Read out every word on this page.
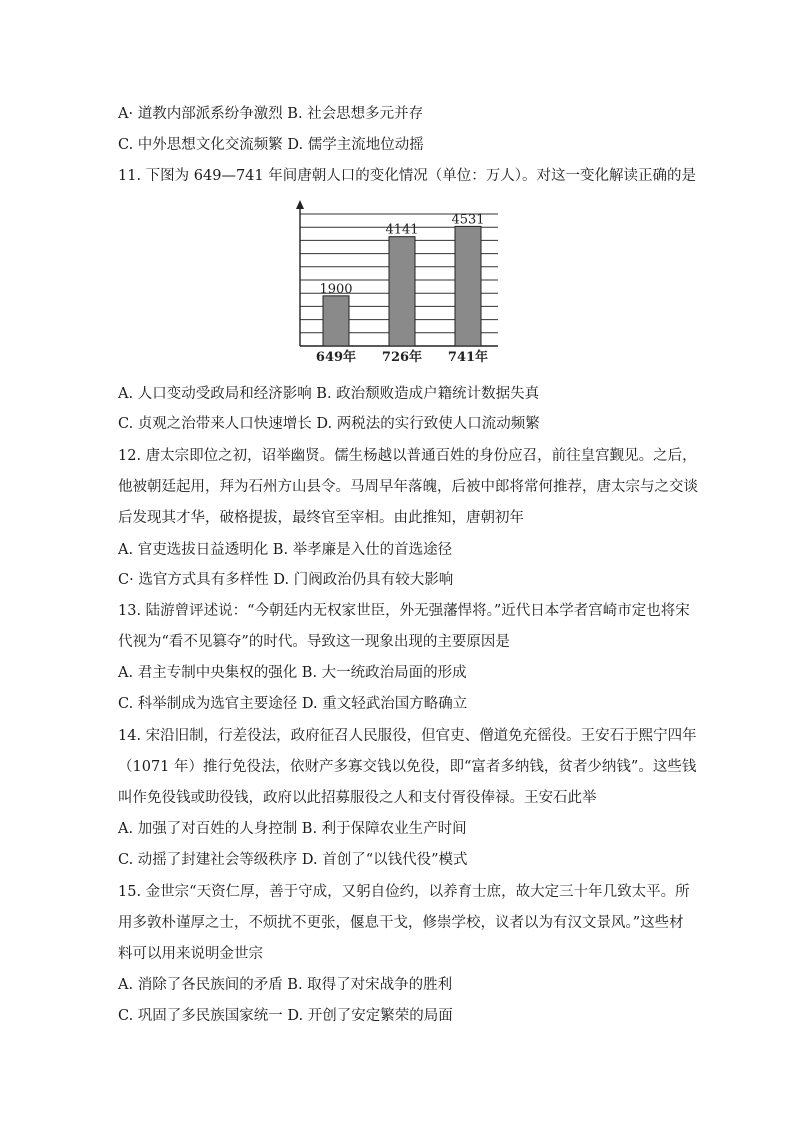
A· 道教内部派系纷争激烈 B. 社会思想多元并存
C. 中外思想文化交流频繁 D. 儒学主流地位动摇
11. 下图为 649—741 年间唐朝人口的变化情况（单位：万人）。对这一变化解读正确的是
1900
649年
4141
726年
4531
741年
A. 人口变动受政局和经济影响 B. 政治颓败造成户籍统计数据失真
C. 贞观之治带来人口快速增长 D. 两税法的实行致使人口流动频繁
12. 唐太宗即位之初，诏举幽贤。儒生杨越以普通百姓的身份应召，前往皇宫觐见。之后，
他被朝廷起用，拜为石州方山县令。马周早年落魄，后被中郎将常何推荐，唐太宗与之交谈
后发现其才华，破格提拔，最终官至宰相。由此推知，唐朝初年
A. 官吏选拔日益透明化 B. 举孝廉是入仕的首选途径
C· 选官方式具有多样性 D. 门阀政治仍具有较大影响
13. 陆游曾评述说：“今朝廷内无权家世臣，外无强藩悍将。”近代日本学者宫崎市定也将宋
代视为“看不见篡夺”的时代。导致这一现象出现的主要原因是
A. 君主专制中央集权的强化 B. 大一统政治局面的形成
C. 科举制成为选官主要途径 D. 重文轻武治国方略确立
14. 宋沿旧制，行差役法，政府征召人民服役，但官吏、僧道免充徭役。王安石于熙宁四年
（1071 年）推行免役法，依财产多寡交钱以免役，即“富者多纳钱，贫者少纳钱”。这些钱
叫作免役钱或助役钱，政府以此招募服役之人和支付胥役俸禄。王安石此举
A. 加强了对百姓的人身控制 B. 利于保障农业生产时间
C. 动摇了封建社会等级秩序 D. 首创了“以钱代役”模式
15. 金世宗“天资仁厚，善于守成，又躬自俭约，以养育士庶，故大定三十年几致太平。所
用多敦朴谨厚之士，不烦扰不更张，偃息干戈，修崇学校，议者以为有汉文景风。”这些材
料可以用来说明金世宗
A. 消除了各民族间的矛盾 B. 取得了对宋战争的胜利
C. 巩固了多民族国家统一 D. 开创了安定繁荣的局面
